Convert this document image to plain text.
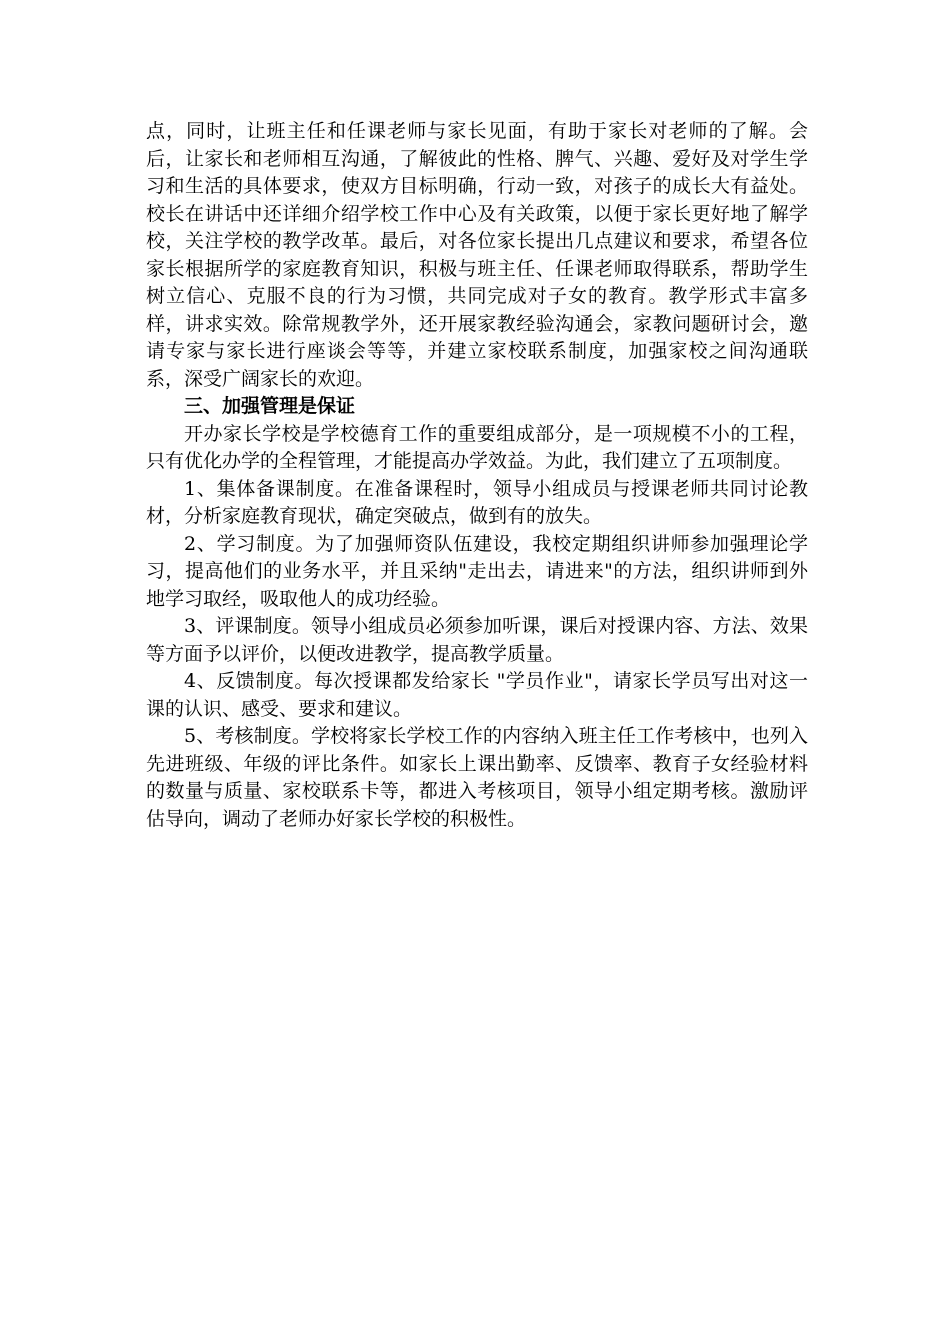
点，同时，让班主任和任课老师与家长见面，有助于家长对老师的了解。会后，让家长和老师相互沟通，了解彼此的性格、脾气、兴趣、爱好及对学生学习和生活的具体要求，使双方目标明确，行动一致，对孩子的成长大有益处。校长在讲话中还详细介绍学校工作中心及有关政策，以便于家长更好地了解学校，关注学校的教学改革。最后，对各位家长提出几点建议和要求，希望各位家长根据所学的家庭教育知识，积极与班主任、任课老师取得联系，帮助学生树立信心、克服不良的行为习惯，共同完成对子女的教育。教学形式丰富多样，讲求实效。除常规教学外，还开展家教经验沟通会，家教问题研讨会，邀请专家与家长进行座谈会等等，并建立家校联系制度，加强家校之间沟通联系，深受广阔家长的欢迎。

三、加强管理是保证

开办家长学校是学校德育工作的重要组成部分，是一项规模不小的工程，只有优化办学的全程管理，才能提高办学效益。为此，我们建立了五项制度。

1、集体备课制度。在准备课程时，领导小组成员与授课老师共同讨论教材，分析家庭教育现状，确定突破点，做到有的放失。

2、学习制度。为了加强师资队伍建设，我校定期组织讲师参加强理论学习，提高他们的业务水平，并且采纳"走出去，请进来"的方法，组织讲师到外地学习取经，吸取他人的成功经验。

3、评课制度。领导小组成员必须参加听课，课后对授课内容、方法、效果等方面予以评价，以便改进教学，提高教学质量。

4、反馈制度。每次授课都发给家长 "学员作业"，请家长学员写出对这一课的认识、感受、要求和建议。

5、考核制度。学校将家长学校工作的内容纳入班主任工作考核中，也列入先进班级、年级的评比条件。如家长上课出勤率、反馈率、教育子女经验材料的数量与质量、家校联系卡等，都进入考核项目，领导小组定期考核。激励评估导向，调动了老师办好家长学校的积极性。
